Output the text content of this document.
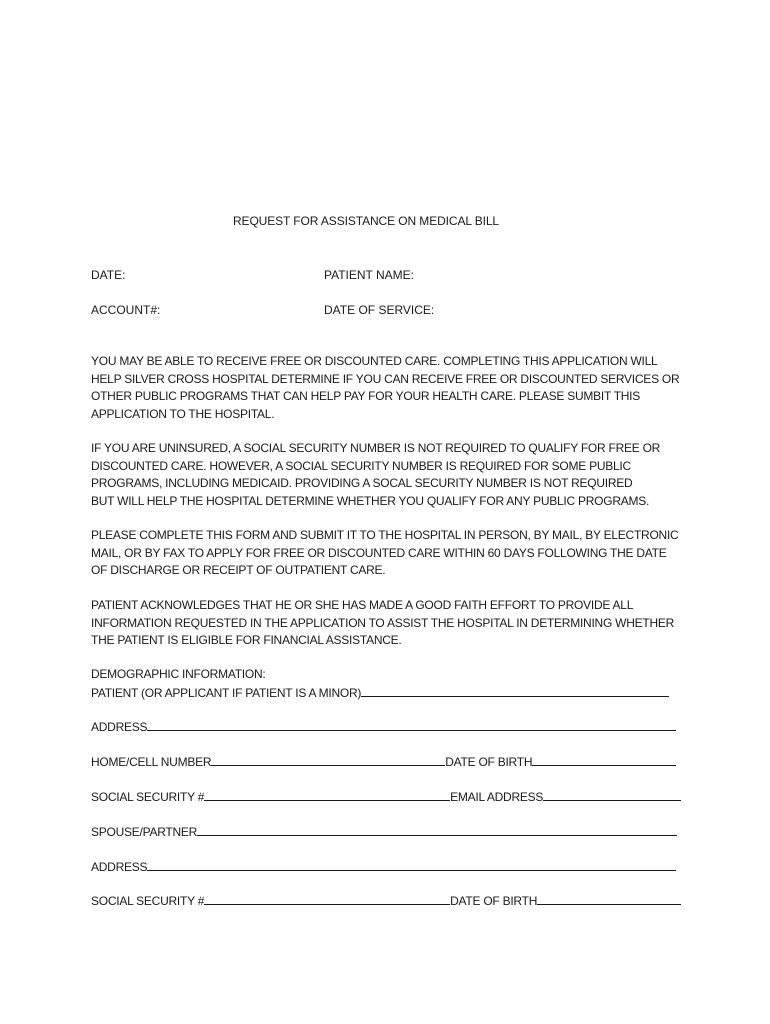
REQUEST FOR ASSISTANCE ON MEDICAL BILL
DATE:	PATIENT NAME:
ACCOUNT#:	DATE OF SERVICE:

YOU MAY BE ABLE TO RECEIVE FREE OR DISCOUNTED CARE. COMPLETING THIS APPLICATION WILL
HELP SILVER CROSS HOSPITAL DETERMINE IF YOU CAN RECEIVE FREE OR DISCOUNTED SERVICES OR
OTHER PUBLIC PROGRAMS THAT CAN HELP PAY FOR YOUR HEALTH CARE. PLEASE SUMBIT THIS
APPLICATION TO THE HOSPITAL.

IF YOU ARE UNINSURED, A SOCIAL SECURITY NUMBER IS NOT REQUIRED TO QUALIFY FOR FREE OR
DISCOUNTED CARE. HOWEVER, A SOCIAL SECURITY NUMBER IS REQUIRED FOR SOME PUBLIC
PROGRAMS, INCLUDING MEDICAID. PROVIDING A SOCAL SECURITY NUMBER IS NOT REQUIRED
BUT WILL HELP THE HOSPITAL DETERMINE WHETHER YOU QUALIFY FOR ANY PUBLIC PROGRAMS.

PLEASE COMPLETE THIS FORM AND SUBMIT IT TO THE HOSPITAL IN PERSON, BY MAIL, BY ELECTRONIC
MAIL, OR BY FAX TO APPLY FOR FREE OR DISCOUNTED CARE WITHIN 60 DAYS FOLLOWING THE DATE
OF DISCHARGE OR RECEIPT OF OUTPATIENT CARE.

PATIENT ACKNOWLEDGES THAT HE OR SHE HAS MADE A GOOD FAITH EFFORT TO PROVIDE ALL
INFORMATION REQUESTED IN THE APPLICATION TO ASSIST THE HOSPITAL IN DETERMINING WHETHER
THE PATIENT IS ELIGIBLE FOR FINANCIAL ASSISTANCE.

DEMOGRAPHIC INFORMATION:
PATIENT (OR APPLICANT IF PATIENT IS A MINOR)
ADDRESS
HOME/CELL NUMBER	DATE OF BIRTH
SOCIAL SECURITY #	EMAIL ADDRESS
SPOUSE/PARTNER
ADDRESS
SOCIAL SECURITY #	DATE OF BIRTH
